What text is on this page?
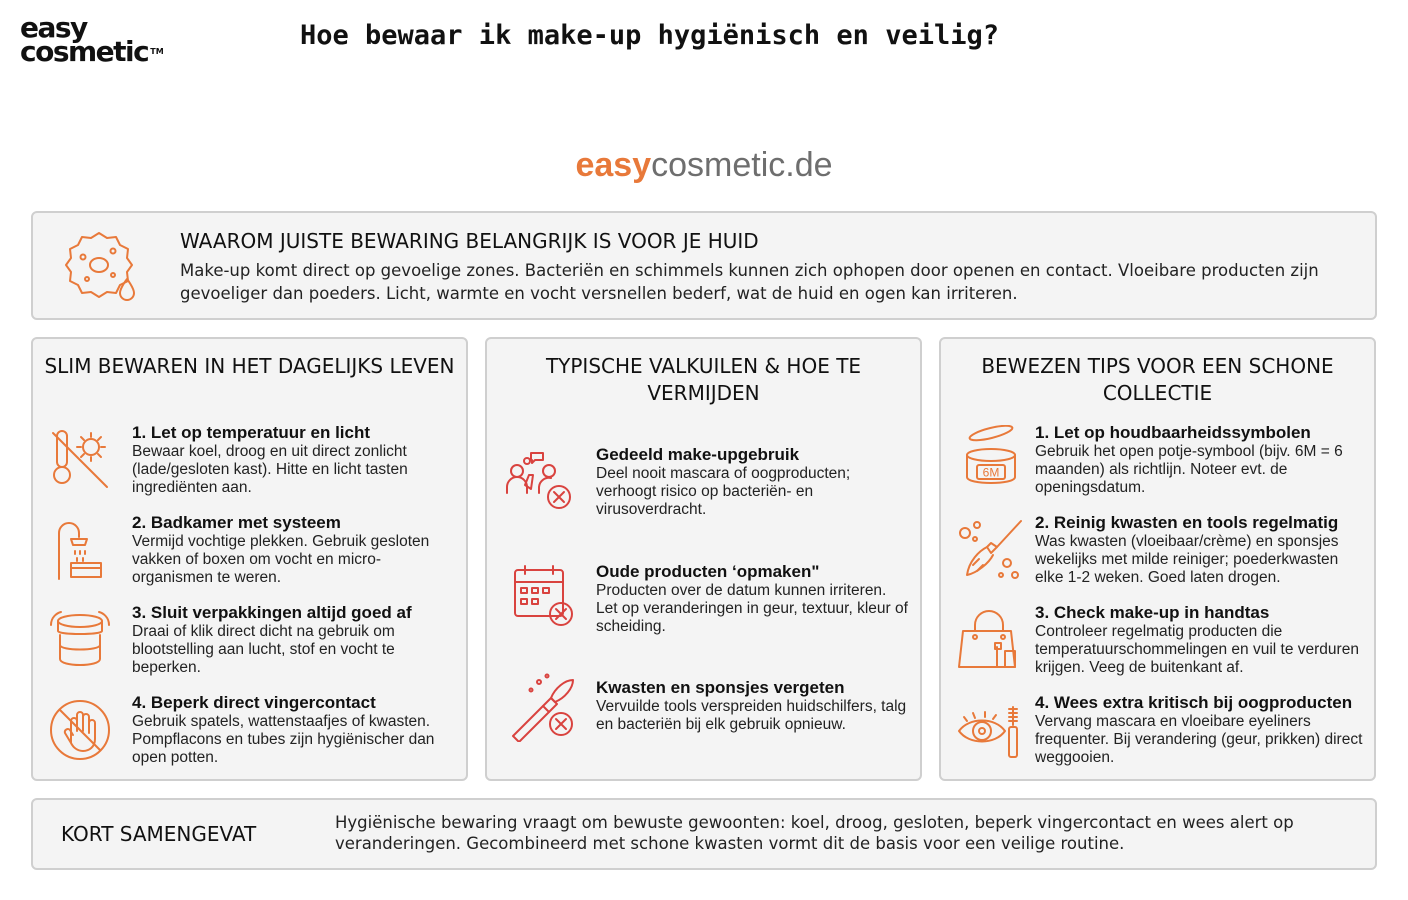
easy
cosmetic ™
Hoe bewaar ik make-up hygiënisch en veilig?
easycosmetic.de
WAAROM JUISTE BEWARING BELANGRIJK IS VOOR JE HUID

Make-up komt direct op gevoelige zones. Bacteriën en schimmels kunnen zich ophopen door openen en contact. Vloeibare producten zijn gevoeliger dan poeders. Licht, warmte en vocht versnellen bederf, wat de huid en ogen kan irriteren.

SLIM BEWAREN IN HET DAGELIJKS LEVEN
1. Let op temperatuur en licht
Bewaar koel, droog en uit direct zonlicht (lade/gesloten kast). Hitte en licht tasten ingrediënten aan.
2. Badkamer met systeem
Vermijd vochtige plekken. Gebruik gesloten vakken of boxen om vocht en micro-organismen te weren.
3. Sluit verpakkingen altijd goed af
Draai of klik direct dicht na gebruik om blootstelling aan lucht, stof en vocht te beperken.
4. Beperk direct vingercontact
Gebruik spatels, wattenstaafjes of kwasten. Pompflacons en tubes zijn hygiënischer dan open potten.
TYPISCHE VALKUILEN & HOE TE VERMIJDEN
Gedeeld make-upgebruik
Deel nooit mascara of oogproducten; verhoogt risico op bacteriën- en virusoverdracht.
Oude producten ‘opmaken"
Producten over de datum kunnen irriteren. Let op veranderingen in geur, textuur, kleur of scheiding.
Kwasten en sponsjes vergeten
Vervuilde tools verspreiden huidschilfers, talg en bacteriën bij elk gebruik opnieuw.
BEWEZEN TIPS VOOR EEN SCHONE COLLECTIE
6M
1. Let op houdbaarheidssymbolen
Gebruik het open potje-symbool (bijv. 6M = 6 maanden) als richtlijn. Noteer evt. de openingsdatum.
2. Reinig kwasten en tools regelmatig
Was kwasten (vloeibaar/crème) en sponsjes wekelijks met milde reiniger; poederkwasten elke 1-2 weken. Goed laten drogen.
3. Check make-up in handtas
Controleer regelmatig producten die temperatuurschommelingen en vuil te verduren krijgen. Veeg de buitenkant af.
4. Wees extra kritisch bij oogproducten
Vervang mascara en vloeibare eyeliners frequenter. Bij verandering (geur, prikken) direct weggooien.
KORT SAMENGEVAT	Hygiënische bewaring vraagt om bewuste gewoonten: koel, droog, gesloten, beperk vingercontact en wees alert op veranderingen. Gecombineerd met schone kwasten vormt dit de basis voor een veilige routine.
